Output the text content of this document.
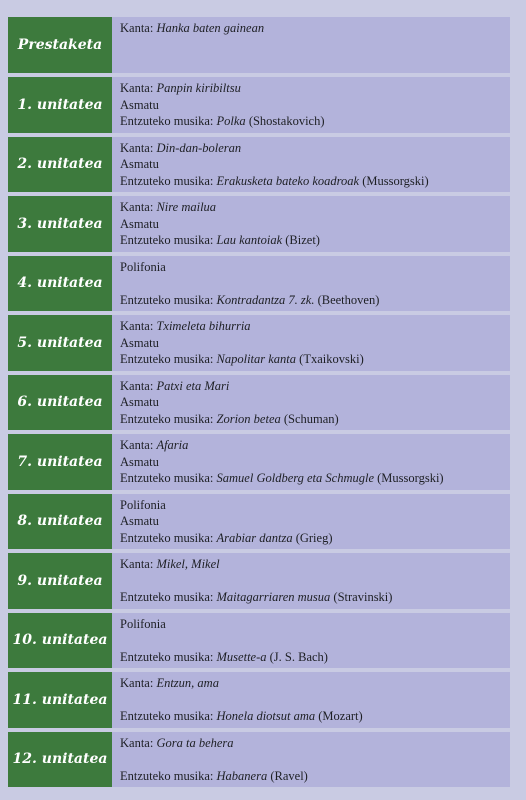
Prestaketa
Kanta: Hanka baten gainean
1. unitatea
Kanta: Panpin kiribiltsu
Asmatu
Entzuteko musika: Polka (Shostakovich)
2. unitatea
Kanta: Din-dan-boleran
Asmatu
Entzuteko musika: Erakusketa bateko koadroak (Mussorgski)
3. unitatea
Kanta: Nire mailua
Asmatu
Entzuteko musika: Lau kantoiak (Bizet)
4. unitatea
Polifonia
Entzuteko musika: Kontradantza 7. zk. (Beethoven)
5. unitatea
Kanta: Tximeleta bihurria
Asmatu
Entzuteko musika: Napolitar kanta (Txaikovski)
6. unitatea
Kanta: Patxi eta Mari
Asmatu
Entzuteko musika: Zorion betea (Schuman)
7. unitatea
Kanta: Afaria
Asmatu
Entzuteko musika: Samuel Goldberg eta Schmugle (Mussorgski)
8. unitatea
Polifonia
Asmatu
Entzuteko musika: Arabiar dantza (Grieg)
9. unitatea
Kanta: Mikel, Mikel
Entzuteko musika: Maitagarriaren musua (Stravinski)
10. unitatea
Polifonia
Entzuteko musika: Musette-a (J. S. Bach)
11. unitatea
Kanta: Entzun, ama
Entzuteko musika: Honela diotsut ama (Mozart)
12. unitatea
Kanta: Gora ta behera
Entzuteko musika: Habanera (Ravel)
